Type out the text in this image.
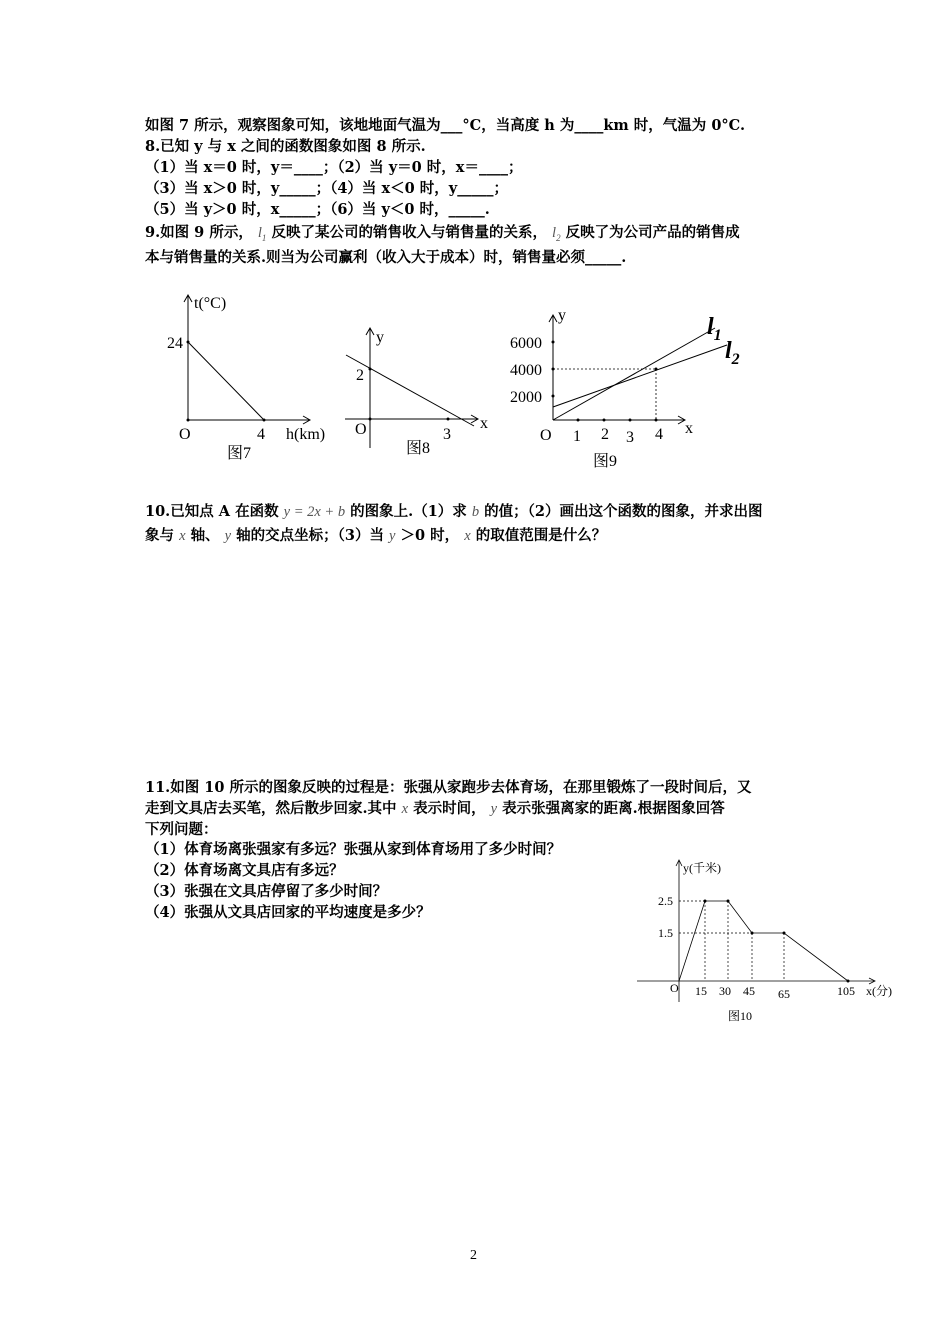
如图 7 所示，观察图象可知，该地地面气温为___°C，当高度 h 为____km 时，气温为 0°C.
8.已知 y 与 x 之间的函数图象如图 8 所示.
（1）当 x＝0 时，y＝____；（2）当 y＝0 时，x＝____；
（3）当 x＞0 时，y_____；（4）当 x＜0 时，y_____；
（5）当 y＞0 时，x_____；（6）当 y＜0 时，_____.
9.如图 9 所示， $l_1$ 反映了某公司的销售收入与销售量的关系， $l_2$ 反映了为公司产品的销售成
本与销售量的关系.则当为公司赢利（收入大于成本）时，销售量必须_____.
10.已知点 A 在函数 y = 2x + b 的图象上.（1）求 b 的值；（2）画出这个函数的图象，并求出图
象与 x 轴、 y 轴的交点坐标；（3）当 y ＞0 时， x 的取值范围是什么？
11.如图 10 所示的图象反映的过程是：张强从家跑步去体育场，在那里锻炼了一段时间后，又
走到文具店去买笔，然后散步回家.其中 x 表示时间， y 表示张强离家的距离.根据图象回答
下列问题：
（1）体育场离张强家有多远？张强从家到体育场用了多少时间？
（2）体育场离文具店有多远？
（3）张强在文具店停留了多少时间？
（4）张强从文具店回家的平均速度是多少？
t(°C)
24
O	4 h(km)
图7
y
2
O	3
x
图8
y
6000
4000
2000
O 1 2 3 4 x
$l_1$
$l_2$
图9
y(千米)
2.5
1.5
O 15 30 45 65	105 x(分)
图10
2
